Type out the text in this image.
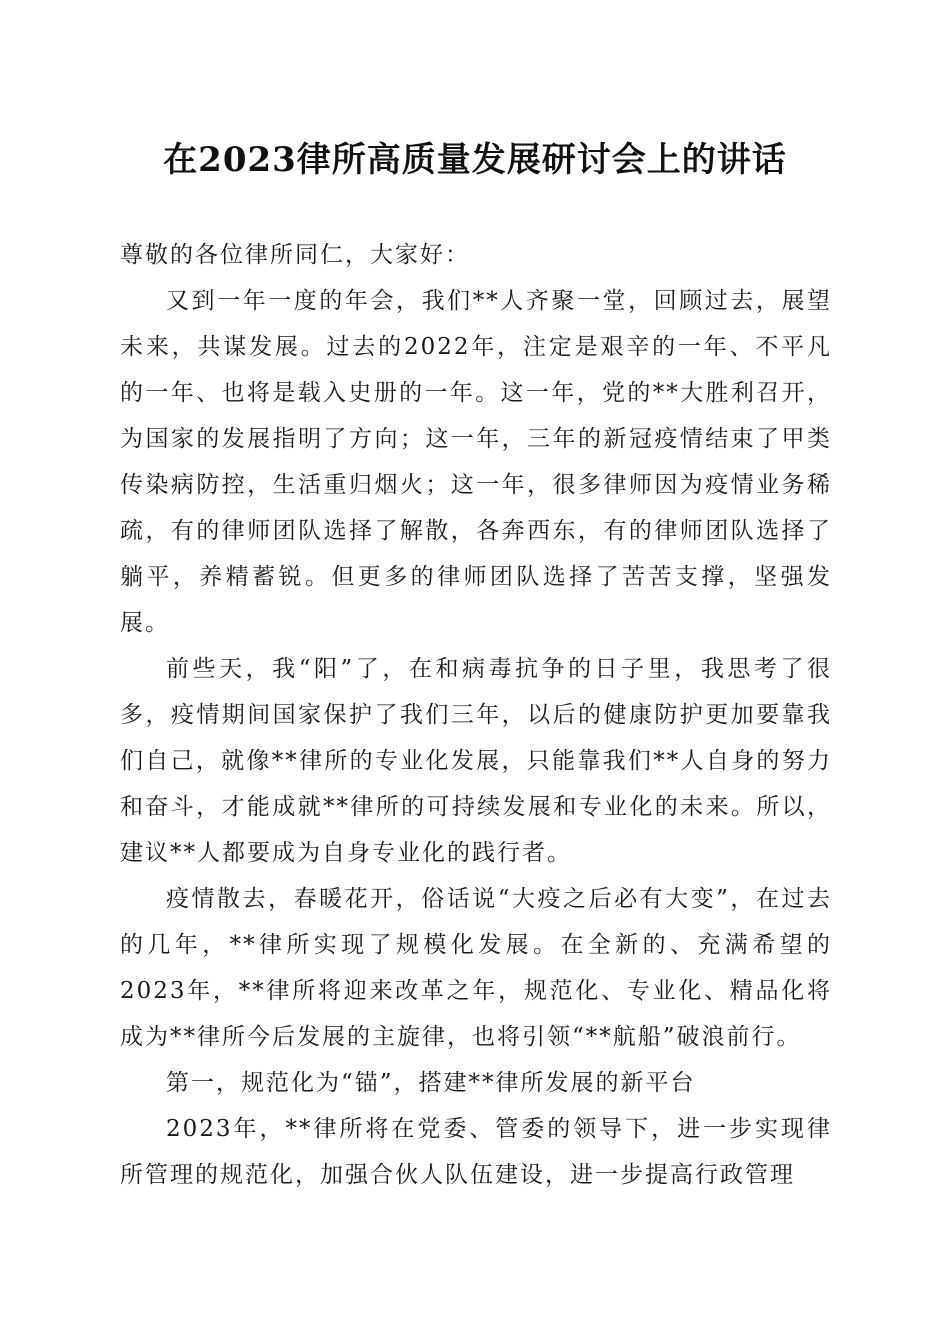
在2023律所高质量发展研讨会上的讲话

尊敬的各位律所同仁，大家好：

又到一年一度的年会，我们**人齐聚一堂，回顾过去，展望未来，共谋发展。过去的2022年，注定是艰辛的一年、不平凡的一年、也将是载入史册的一年。这一年，党的**大胜利召开，为国家的发展指明了方向；这一年，三年的新冠疫情结束了甲类传染病防控，生活重归烟火；这一年，很多律师因为疫情业务稀疏，有的律师团队选择了解散，各奔西东，有的律师团队选择了躺平，养精蓄锐。但更多的律师团队选择了苦苦支撑，坚强发展。

前些天，我“阳”了，在和病毒抗争的日子里，我思考了很多，疫情期间国家保护了我们三年，以后的健康防护更加要靠我们自己，就像**律所的专业化发展，只能靠我们**人自身的努力和奋斗，才能成就**律所的可持续发展和专业化的未来。所以，建议**人都要成为自身专业化的践行者。

疫情散去，春暖花开，俗话说“大疫之后必有大变”，在过去的几年，**律所实现了规模化发展。在全新的、充满希望的2023年，**律所将迎来改革之年，规范化、专业化、精品化将成为**律所今后发展的主旋律，也将引领“**航船”破浪前行。

第一，规范化为“锚”，搭建**律所发展的新平台

2023年，**律所将在党委、管委的领导下，进一步实现律所管理的规范化，加强合伙人队伍建设，进一步提高行政管理
